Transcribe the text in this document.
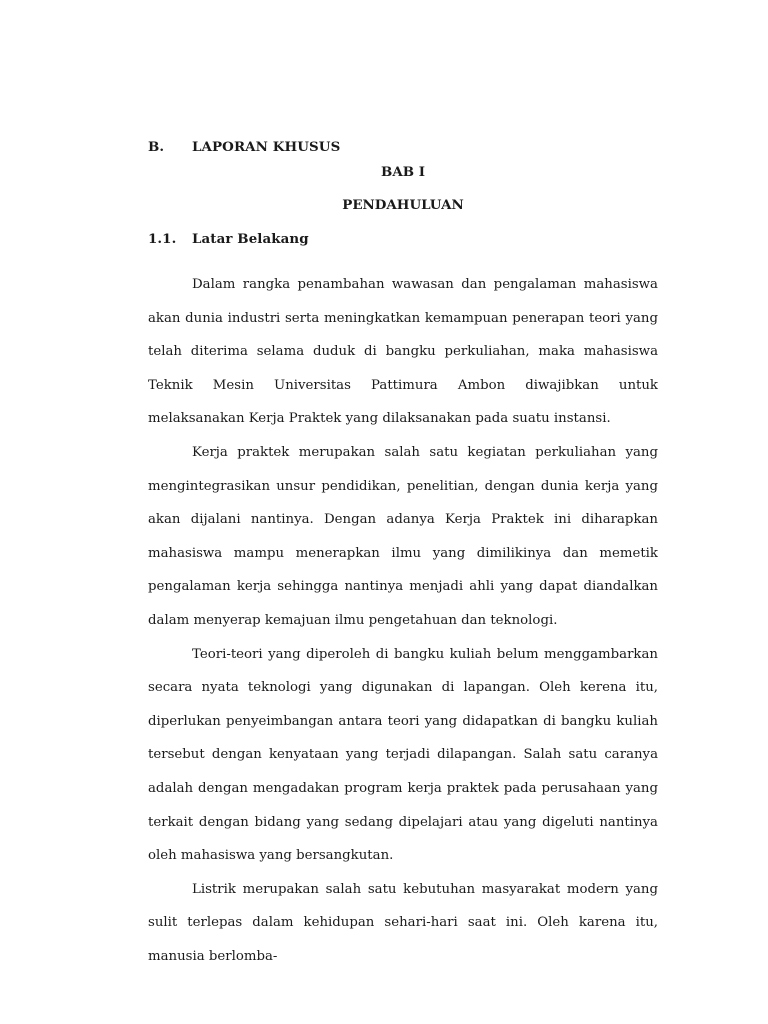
B. LAPORAN KHUSUS
BAB I
PENDAHULUAN
1.1. Latar Belakang

Dalam rangka penambahan wawasan dan pengalaman mahasiswa akan dunia industri serta meningkatkan kemampuan penerapan teori yang telah diterima selama duduk di bangku perkuliahan, maka mahasiswa Teknik Mesin Universitas Pattimura Ambon diwajibkan untuk melaksanakan Kerja Praktek yang dilaksanakan pada suatu instansi.

Kerja praktek merupakan salah satu kegiatan perkuliahan yang mengintegrasikan unsur pendidikan, penelitian, dengan dunia kerja yang akan dijalani nantinya. Dengan adanya Kerja Praktek ini diharapkan mahasiswa mampu menerapkan ilmu yang dimilikinya dan memetik pengalaman kerja sehingga nantinya menjadi ahli yang dapat diandalkan dalam menyerap kemajuan ilmu pengetahuan dan teknologi.

Teori-teori yang diperoleh di bangku kuliah belum menggambarkan secara nyata teknologi yang digunakan di lapangan. Oleh kerena itu, diperlukan penyeimbangan antara teori yang didapatkan di bangku kuliah tersebut dengan kenyataan yang terjadi dilapangan. Salah satu caranya adalah dengan mengadakan program kerja praktek pada perusahaan yang terkait dengan bidang yang sedang dipelajari atau yang digeluti nantinya oleh mahasiswa yang bersangkutan.

Listrik merupakan salah satu kebutuhan masyarakat modern yang sulit terlepas dalam kehidupan sehari-hari saat ini. Oleh karena itu, manusia berlomba-
